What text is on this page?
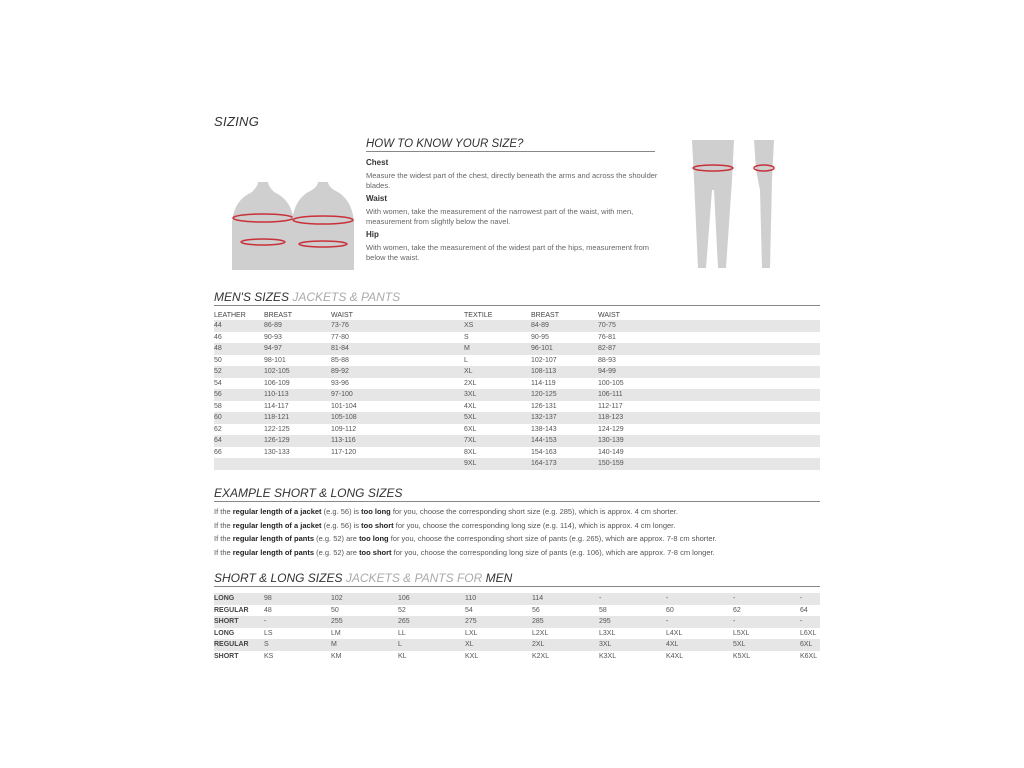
SIZING
HOW TO KNOW YOUR SIZE?
Chest
Measure the widest part of the chest, directly beneath the arms and across the shoulder blades.
Waist
With women, take the measurement of the narrowest part of the waist, with men, measurement from slightly below the navel.
Hip
With women, take the measurement of the widest part of the hips, measurement from below the waist.
MEN'S SIZES JACKETS & PANTS
LEATHER	BREAST	WAIST	TEXTILE	BREAST	WAIST
44	86-89	73-76	XS	84-89	70-75
46	90-93	77-80	S	90-95	76-81
48	94-97	81-84	M	96-101	82-87
50	98-101	85-88	L	102-107	88-93
52	102-105	89-92	XL	108-113	94-99
54	106-109	93-96	2XL	114-119	100-105
56	110-113	97-100	3XL	120-125	106-111
58	114-117	101-104	4XL	126-131	112-117
60	118-121	105-108	5XL	132-137	118-123
62	122-125	109-112	6XL	138-143	124-129
64	126-129	113-116	7XL	144-153	130-139
66	130-133	117-120	8XL	154-163	140-149
			9XL	164-173	150-159
EXAMPLE SHORT & LONG SIZES
If the regular length of a jacket (e.g. 56) is too long for you, choose the corresponding short size (e.g. 285), which is approx. 4 cm shorter.
If the regular length of a jacket (e.g. 56) is too short for you, choose the corresponding long size (e.g. 114), which is approx. 4 cm longer.
If the regular length of pants (e.g. 52) are too long for you, choose the corresponding short size of pants (e.g. 265), which are approx. 7-8 cm shorter.
If the regular length of pants (e.g. 52) are too short for you, choose the corresponding long size of pants (e.g. 106), which are approx. 7-8 cm longer.
SHORT & LONG SIZES JACKETS & PANTS FOR MEN
LONG	98	102	106	110	114	-	-	-	-
REGULAR	48	50	52	54	56	58	60	62	64
SHORT	-	255	265	275	285	295	-	-	-
LONG	LS	LM	LL	LXL	L2XL	L3XL	L4XL	L5XL	L6XL
REGULAR	S	M	L	XL	2XL	3XL	4XL	5XL	6XL
SHORT	KS	KM	KL	KXL	K2XL	K3XL	K4XL	K5XL	K6XL
